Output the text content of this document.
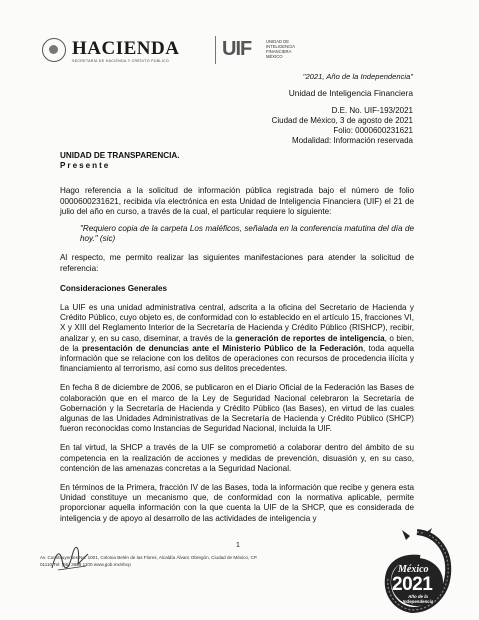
HACIENDA
SECRETARÍA DE HACIENDA Y CRÉDITO PÚBLICO
UIF	UNIDAD DE
INTELIGENCIA
FINANCIERA
MÉXICO
"2021, Año de la Independencia"
Unidad de Inteligencia Financiera
D.E. No. UIF-193/2021
Ciudad de México, 3 de agosto de 2021
Folio: 0000600231621
Modalidad: Información reservada

UNIDAD DE TRANSPARENCIA.

Presente

Hago referencia a la solicitud de información pública registrada bajo el número de folio 0000600231621, recibida vía electrónica en esta Unidad de Inteligencia Financiera (UIF) el 21 de julio del año en curso, a través de la cual, el particular requiere lo siguiente:

"Requiero copia de la carpeta Los maléficos, señalada en la conferencia matutina del día de hoy." (sic)

Al respecto, me permito realizar las siguientes manifestaciones para atender la solicitud de referencia:

Consideraciones Generales

La UIF es una unidad administrativa central, adscrita a la oficina del Secretario de Hacienda y Crédito Público, cuyo objeto es, de conformidad con lo establecido en el artículo 15, fracciones VI, X y XIII del Reglamento Interior de la Secretaría de Hacienda y Crédito Público (RISHCP), recibir, analizar y, en su caso, diseminar, a través de la generación de reportes de inteligencia, o bien, de la presentación de denuncias ante el Ministerio Público de la Federación, toda aquella información que se relacione con los delitos de operaciones con recursos de procedencia ilícita y financiamiento al terrorismo, así como sus delitos precedentes.

En fecha 8 de diciembre de 2006, se publicaron en el Diario Oficial de la Federación las Bases de colaboración que en el marco de la Ley de Seguridad Nacional celebraron la Secretaría de Gobernación y la Secretaría de Hacienda y Crédito Público (las Bases), en virtud de las cuales algunas de las Unidades Administrativas de la Secretaría de Hacienda y Crédito Público (SHCP) fueron reconocidas como Instancias de Seguridad Nacional, incluida la UIF.

En tal virtud, la SHCP a través de la UIF se comprometió a colaborar dentro del ámbito de su competencia en la realización de acciones y medidas de prevención, disuasión y, en su caso, contención de las amenazas concretas a la Seguridad Nacional.

En términos de la Primera, fracción IV de las Bases, toda la información que recibe y genera esta Unidad constituye un mecanismo que, de conformidad con la normativa aplicable, permite proporcionar aquella información con la que cuenta la UIF de la SHCP, que es considerada de inteligencia y de apoyo al desarrollo de las actividades de inteligencia y

1
Av. Constituyentes No. 1001, Colonia Belén de las Flores, Alcaldía Álvaro Obregón, Ciudad de México, CP.
01110 Tel: (55) 3688 1100 www.gob.mx/shcp	México
2021
Año de la Independencia
